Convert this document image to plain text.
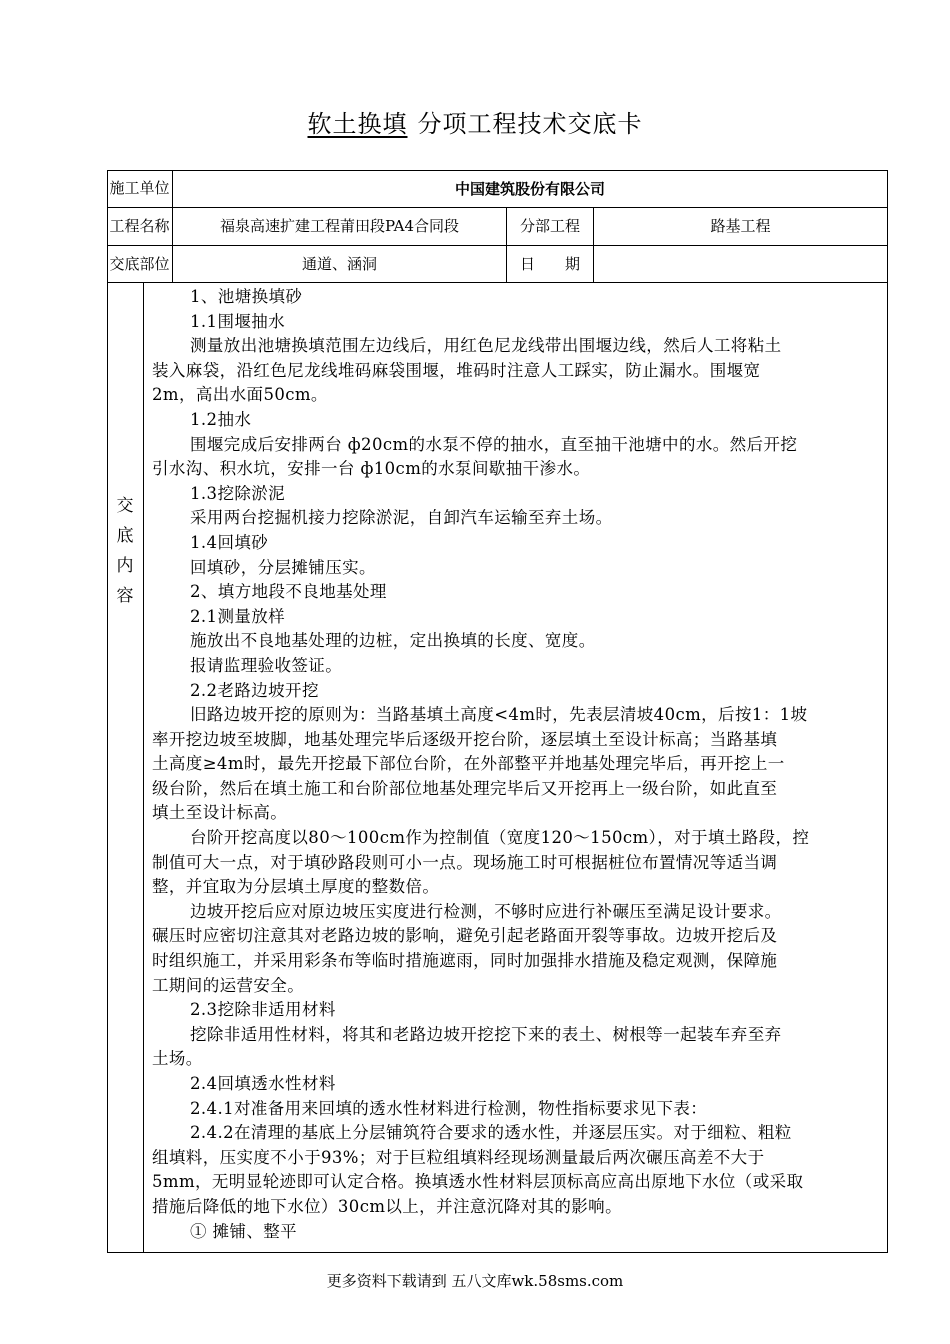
软土换填 分项工程技术交底卡
施工单位	中国建筑股份有限公司
工程名称	福泉高速扩建工程莆田段PA4合同段	分部工程	路基工程
交底部位	通道、涵洞	日　　期
交
底
内
容

1、池塘换填砂

1.1围堰抽水

测量放出池塘换填范围左边线后，用红色尼龙线带出围堰边线，然后人工将粘土

装入麻袋，沿红色尼龙线堆码麻袋围堰，堆码时注意人工踩实，防止漏水。围堰宽

2m，高出水面50cm。

1.2抽水

围堰完成后安排两台 ф20cm的水泵不停的抽水，直至抽干池塘中的水。然后开挖

引水沟、积水坑，安排一台 ф10cm的水泵间歇抽干渗水。

1.3挖除淤泥

采用两台挖掘机接力挖除淤泥，自卸汽车运输至弃土场。

1.4回填砂

回填砂，分层摊铺压实。

2、填方地段不良地基处理

2.1测量放样

施放出不良地基处理的边桩，定出换填的长度、宽度。

报请监理验收签证。

2.2老路边坡开挖

旧路边坡开挖的原则为：当路基填土高度<4m时，先表层清坡40cm，后按1：1坡

率开挖边坡至坡脚，地基处理完毕后逐级开挖台阶，逐层填土至设计标高；当路基填

土高度≥4m时，最先开挖最下部位台阶，在外部整平并地基处理完毕后，再开挖上一

级台阶，然后在填土施工和台阶部位地基处理完毕后又开挖再上一级台阶，如此直至

填土至设计标高。

台阶开挖高度以80～100cm作为控制值（宽度120～150cm），对于填土路段，控

制值可大一点，对于填砂路段则可小一点。现场施工时可根据桩位布置情况等适当调

整，并宜取为分层填土厚度的整数倍。

边坡开挖后应对原边坡压实度进行检测，不够时应进行补碾压至满足设计要求。

碾压时应密切注意其对老路边坡的影响，避免引起老路面开裂等事故。边坡开挖后及

时组织施工，并采用彩条布等临时措施遮雨，同时加强排水措施及稳定观测，保障施

工期间的运营安全。

2.3挖除非适用材料

挖除非适用性材料，将其和老路边坡开挖挖下来的表土、树根等一起装车弃至弃

土场。

2.4回填透水性材料

2.4.1对准备用来回填的透水性材料进行检测，物性指标要求见下表：

2.4.2在清理的基底上分层铺筑符合要求的透水性，并逐层压实。对于细粒、粗粒

组填料，压实度不小于93%；对于巨粒组填料经现场测量最后两次碾压高差不大于

5mm，无明显轮迹即可认定合格。换填透水性材料层顶标高应高出原地下水位（或采取

措施后降低的地下水位）30cm以上，并注意沉降对其的影响。

① 摊铺、整平

更多资料下载请到 五八文库wk.58sms.com
